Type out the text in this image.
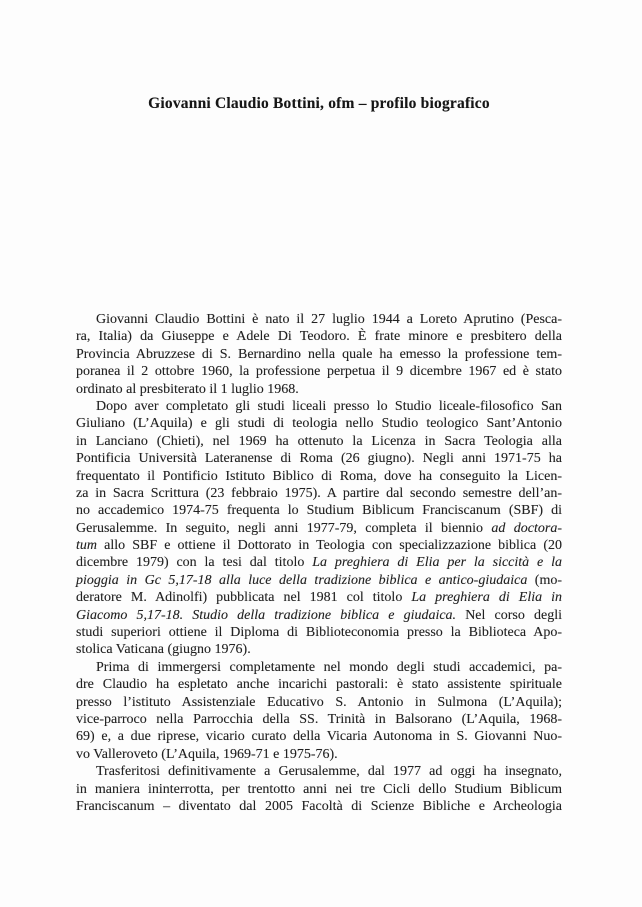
Giovanni Claudio Bottini, ofm – profilo biografico
Giovanni Claudio Bottini è nato il 27 luglio 1944 a Loreto Aprutino (Pesca-
ra, Italia) da Giuseppe e Adele Di Teodoro. È frate minore e presbitero della
Provincia Abruzzese di S. Bernardino nella quale ha emesso la professione tem-
poranea il 2 ottobre 1960, la professione perpetua il 9 dicembre 1967 ed è stato
ordinato al presbiterato il 1 luglio 1968.
Dopo aver completato gli studi liceali presso lo Studio liceale-filosofico San
Giuliano (L’Aquila) e gli studi di teologia nello Studio teologico Sant’Antonio
in Lanciano (Chieti), nel 1969 ha ottenuto la Licenza in Sacra Teologia alla
Pontificia Università Lateranense di Roma (26 giugno). Negli anni 1971-75 ha
frequentato il Pontificio Istituto Biblico di Roma, dove ha conseguito la Licen-
za in Sacra Scrittura (23 febbraio 1975). A partire dal secondo semestre dell’an-
no accademico 1974-75 frequenta lo Studium Biblicum Franciscanum (SBF) di
Gerusalemme. In seguito, negli anni 1977-79, completa il biennio ad doctora-
tum allo SBF e ottiene il Dottorato in Teologia con specializzazione biblica (20
dicembre 1979) con la tesi dal titolo La preghiera di Elia per la siccità e la
pioggia in Gc 5,17-18 alla luce della tradizione biblica e antico-giudaica (mo-
deratore M. Adinolfi) pubblicata nel 1981 col titolo La preghiera di Elia in
Giacomo 5,17-18. Studio della tradizione biblica e giudaica. Nel corso degli
studi superiori ottiene il Diploma di Biblioteconomia presso la Biblioteca Apo-
stolica Vaticana (giugno 1976).
Prima di immergersi completamente nel mondo degli studi accademici, pa-
dre Claudio ha espletato anche incarichi pastorali: è stato assistente spirituale
presso l’istituto Assistenziale Educativo S. Antonio in Sulmona (L’Aquila);
vice-parroco nella Parrocchia della SS. Trinità in Balsorano (L’Aquila, 1968-
69) e, a due riprese, vicario curato della Vicaria Autonoma in S. Giovanni Nuo-
vo Valleroveto (L’Aquila, 1969-71 e 1975-76).
Trasferitosi definitivamente a Gerusalemme, dal 1977 ad oggi ha insegnato,
in maniera ininterrotta, per trentotto anni nei tre Cicli dello Studium Biblicum
Franciscanum – diventato dal 2005 Facoltà di Scienze Bibliche e Archeologia
